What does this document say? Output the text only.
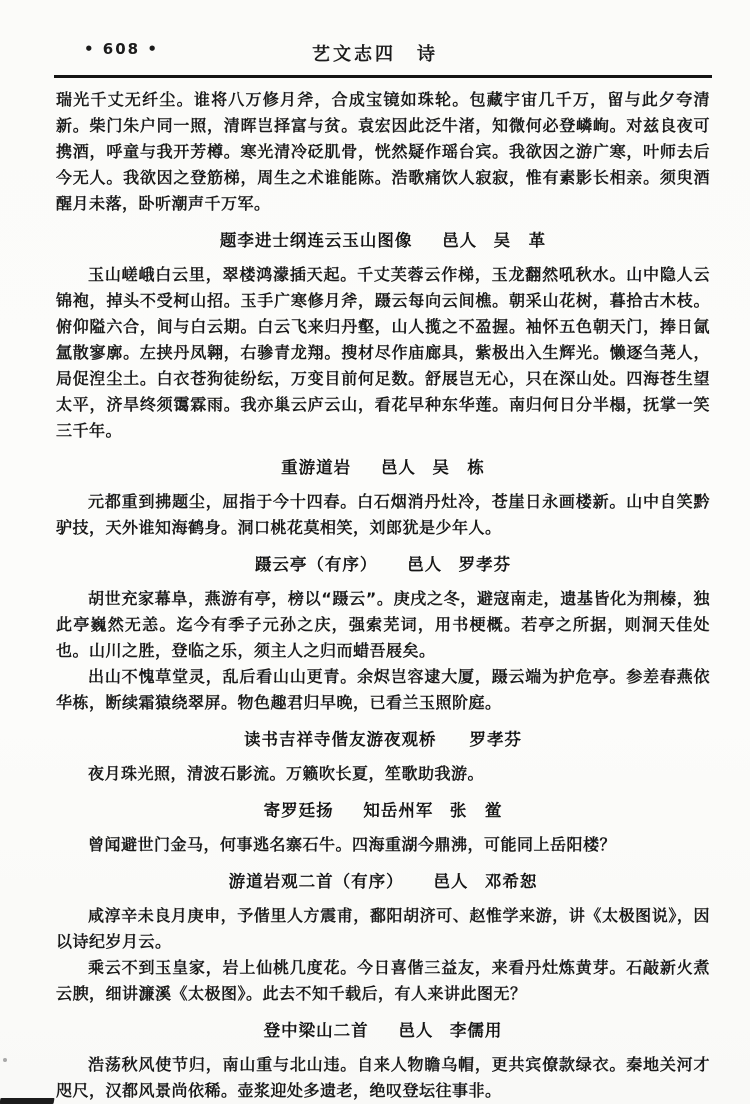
• 608 •	艺文志四　诗

瑞光千丈无纤尘。谁将八万修月斧，合成宝镜如珠轮。包藏宇宙几千万，留与此夕夸清新。柴门朱户同一照，清晖岂择富与贫。袁宏因此泛牛渚，知微何必登嶙峋。对兹良夜可携酒，呼童与我开芳樽。寒光清冷砭肌骨，恍然疑作瑶台宾。我欲因之游广寒，叶师去后今无人。我欲因之登筋梯，周生之术谁能陈。浩歌痛饮人寂寂，惟有素影长相亲。须臾酒醒月未落，卧听潮声千万军。

题李进士纲连云玉山图像 邑人 吴　革

玉山嵯峨白云里，翠楼鸿濛插天起。千丈芙蓉云作梯，玉龙翻然吼秋水。山中隐人云锦袍，掉头不受柯山招。玉手广寒修月斧，蹑云每向云间樵。朝采山花树，暮拾古木枝。俯仰隘六合，间与白云期。白云飞来归丹壑，山人揽之不盈握。袖怀五色朝天门，捧日氤氲散寥廓。左挟丹凤翱，右骖青龙翔。搜材尽作庙廊具，紫极出入生辉光。懒逐刍荛人，局促湼尘土。白衣苍狗徒纷纭，万变目前何足数。舒展岂无心，只在深山处。四海苍生望太平，济旱终须霭霖雨。我亦巢云庐云山，看花早种东华莲。南归何日分半榻，抚掌一笑三千年。

重游道岩 邑人 吴　栋

元都重到拂题尘，屈指于今十四春。白石烟消丹灶冷，苍崖日永画楼新。山中自笑黔驴技，天外谁知海鹤身。洞口桃花莫相笑，刘郎犹是少年人。

蹑云亭（有序） 邑人 罗孝芬

胡世充家幕阜，燕游有亭，榜以“蹑云”。庚戌之冬，避寇南走，遗基皆化为荆榛，独此亭巍然无恙。迄今有季子元孙之庆，强索芜词，用书梗概。若亭之所据，则洞天佳处也。山川之胜，登临之乐，须主人之归而蜡吾屐矣。

出山不愧草堂灵，乱后看山山更青。余烬岂容逮大厦，蹑云端为护危亭。参差春燕依华栋，断续霜猿绕翠屏。物色趣君归早晚，已看兰玉照阶庭。

读书吉祥寺偕友游夜观桥 罗孝芬

夜月珠光照，清波石影流。万籁吹长夏，笙歌助我游。

寄罗廷扬 知岳州军 张　鲎

曾闻避世门金马，何事逃名寨石牛。四海重湖今鼎沸，可能同上岳阳楼？

游道岩观二首（有序） 邑人 邓希恕

咸淳辛未良月庚申，予偕里人方震甫，鄱阳胡济可、赵惟学来游，讲《太极图说》，因以诗纪岁月云。

乘云不到玉皇家，岩上仙桃几度花。今日喜偕三益友，来看丹灶炼黄芽。石敲新火煮云腴，细讲濂溪《太极图》。此去不知千载后，有人来讲此图无？

登中梁山二首 邑人 李儒用

浩荡秋风使节归，南山重与北山违。自来人物瞻乌帽，更共宾僚款绿衣。秦地关河才咫尺，汉都风景尚依稀。壶浆迎处多遗老，绝叹登坛往事非。
